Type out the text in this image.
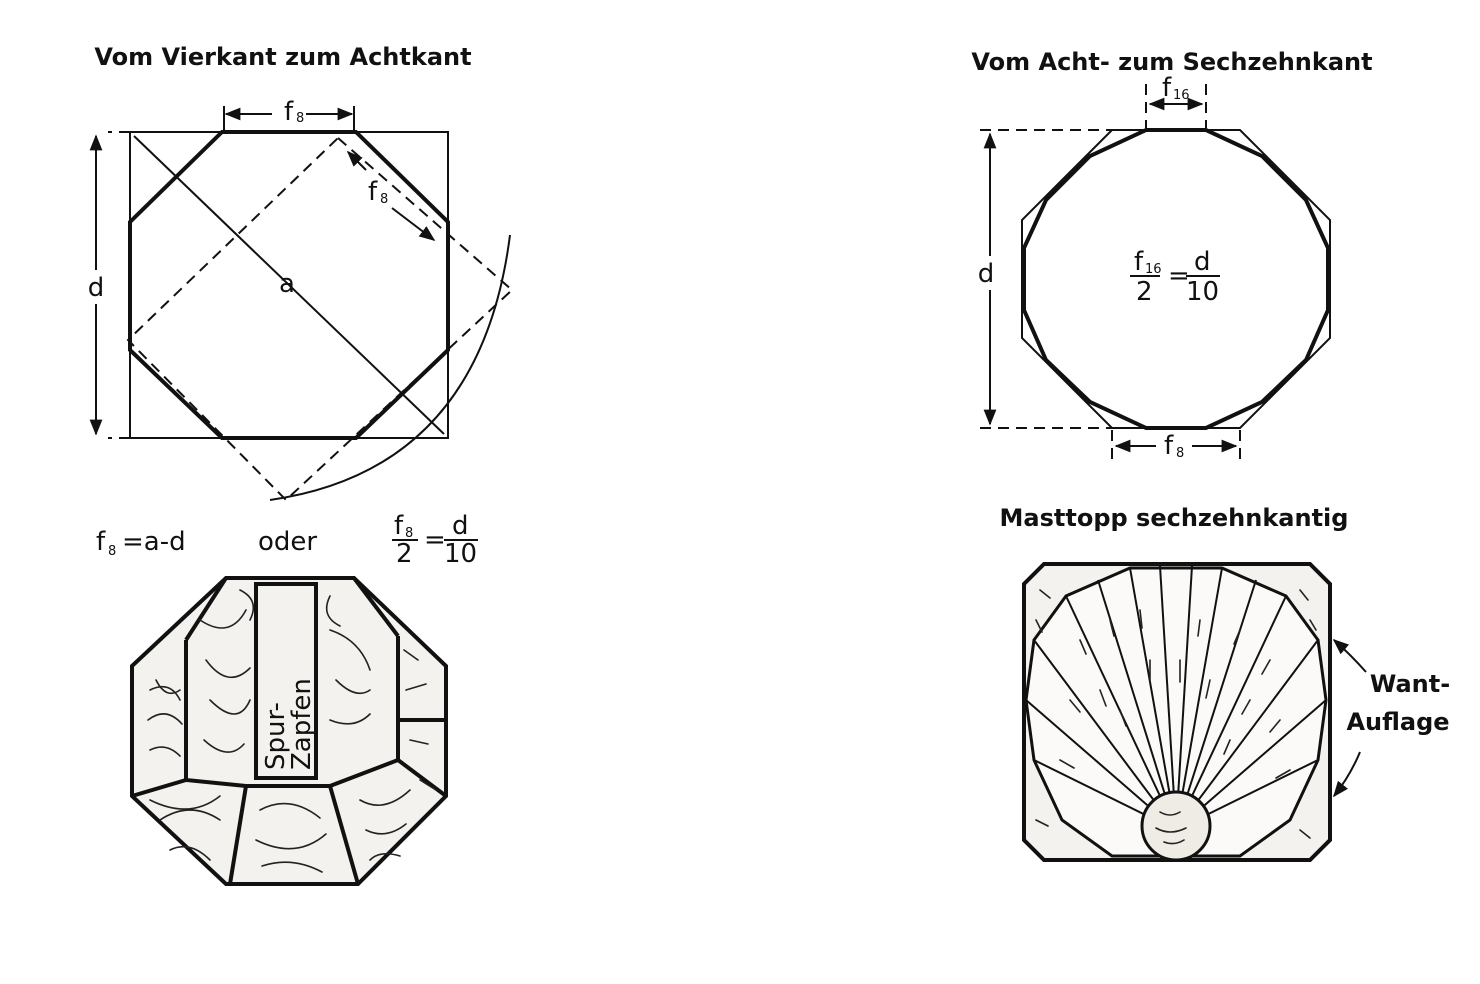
Vom Vierkant zum Achtkant
a
d
f 8
f 8
f 8 =a-d	oder
f 8
2 = d
10
Spur-
Zapfen
Vom Acht- zum Sechzehnkant
d
f 16
f 8
f 16
2
= d
10
Masttopp sechzehnkantig
Want-
Auflage
